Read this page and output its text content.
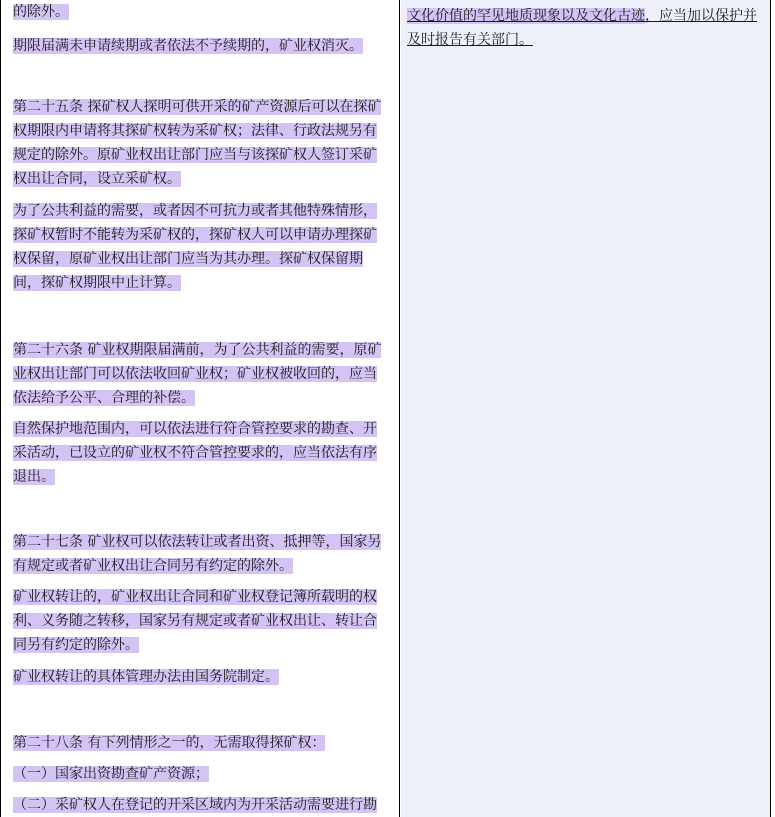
的除外。
期限届满未申请续期或者依法不予续期的，矿业权消灭。
第二十五条 探矿权人探明可供开采的矿产资源后可以在探矿
权期限内申请将其探矿权转为采矿权；法律、行政法规另有
规定的除外。原矿业权出让部门应当与该探矿权人签订采矿
权出让合同，设立采矿权。
为了公共利益的需要，或者因不可抗力或者其他特殊情形，
探矿权暂时不能转为采矿权的，探矿权人可以申请办理探矿
权保留，原矿业权出让部门应当为其办理。探矿权保留期
间，探矿权期限中止计算。
第二十六条 矿业权期限届满前，为了公共利益的需要，原矿
业权出让部门可以依法收回矿业权；矿业权被收回的，应当
依法给予公平、合理的补偿。
自然保护地范围内，可以依法进行符合管控要求的勘查、开
采活动，已设立的矿业权不符合管控要求的，应当依法有序
退出。
第二十七条 矿业权可以依法转让或者出资、抵押等，国家另
有规定或者矿业权出让合同另有约定的除外。
矿业权转让的，矿业权出让合同和矿业权登记簿所载明的权
利、义务随之转移，国家另有规定或者矿业权出让、转让合
同另有约定的除外。
矿业权转让的具体管理办法由国务院制定。
第二十八条 有下列情形之一的，无需取得探矿权：
（一）国家出资勘查矿产资源；
（二）采矿权人在登记的开采区域内为开采活动需要进行勘
文化价值的罕见地质现象以及文化古迹，应当加以保护并
及时报告有关部门。
